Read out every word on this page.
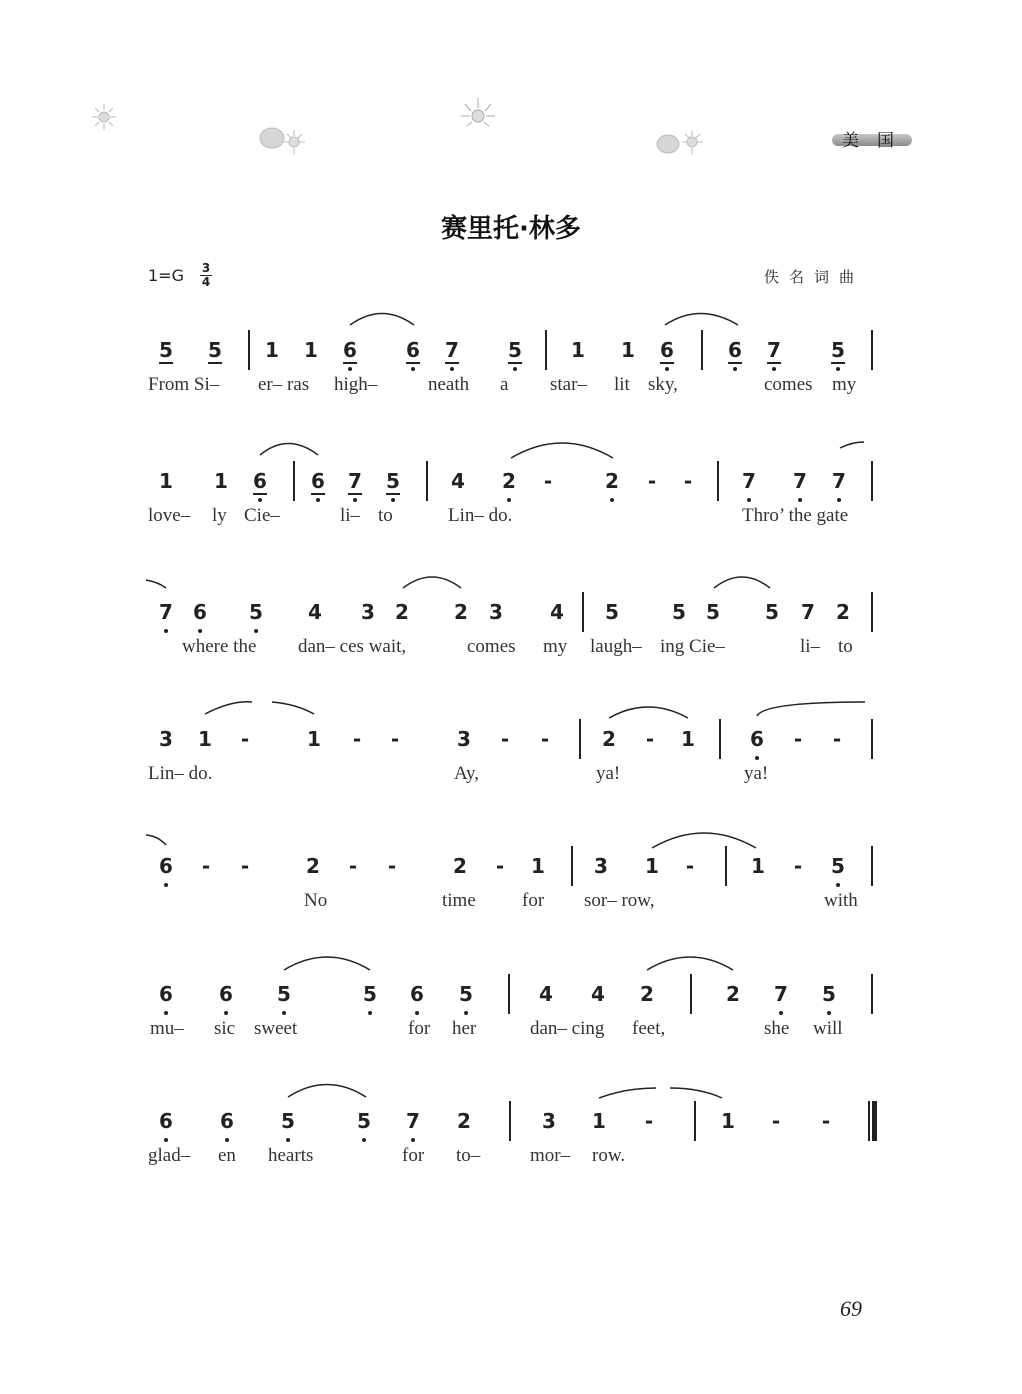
美国
赛里托·林多
$1=G \frac{3}{4}$	佚名词曲
5 5 1 1 6 6 7 5 1 1 6	6 7	5
From Si– er– ras high–	neath a star– lit sky,	comes my
1 1 6 6 7 5	4 2 -	2 - - 7 7 7
love– ly Cie–	li– to	Lin– do.	Thro’ the gate
7 6 5 4 3 2 2 3 4 5	5 5 5 7 2
where the dan– ces wait,	comes my laugh– ing Cie–	li– to
3 1 -	1 - -	3 - -	2 - 1	6 - -
Lin– do.	Ay,	ya!	ya!
6 - -	2 - -	2 - 1 3 1 -	1 - 5
No	time for sor– row,	with
6 6 5	5 6 5	4 4 2	2 7 5
mu– sic sweet	for her	dan– cing feet,	she will
6 6 5	5 7 2	3 1 -	1 - -
glad– en hearts	for to–	mor– row.
69
